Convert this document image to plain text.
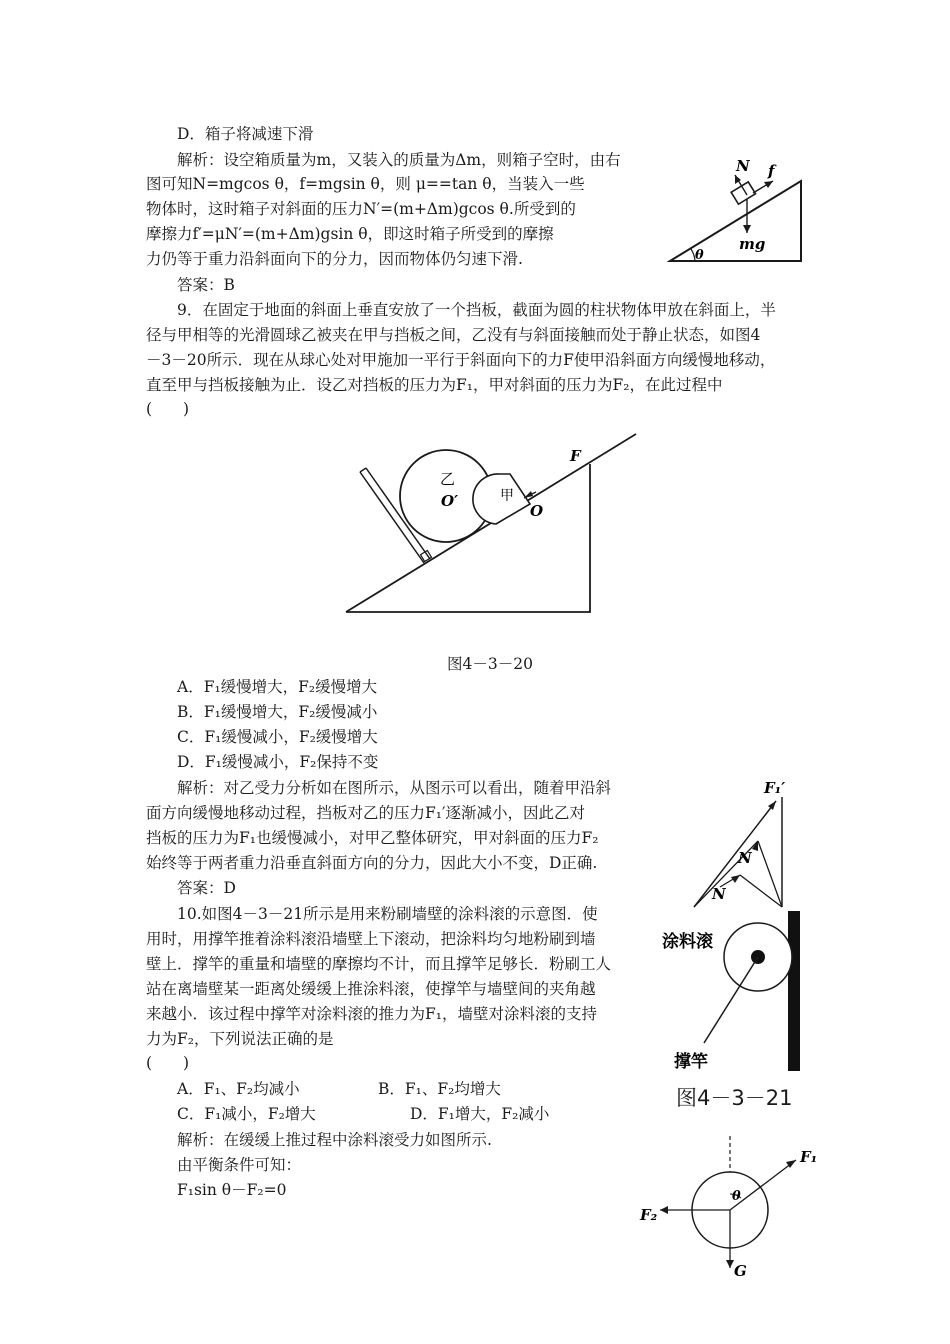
D．箱子将减速下滑
解析：设空箱质量为m，又装入的质量为Δm，则箱子空时，由右
图可知N=mgcos θ，f=mgsin θ，则 μ==tan θ，当装入一些
物体时，这时箱子对斜面的压力N′=(m+Δm)gcos θ.所受到的
摩擦力f′=μN′=(m+Δm)gsin θ，即这时箱子所受到的摩擦
力仍等于重力沿斜面向下的分力，因而物体仍匀速下滑.
答案：B
N f
mg
θ
9．在固定于地面的斜面上垂直安放了一个挡板，截面为圆的柱状物体甲放在斜面上，半
径与甲相等的光滑圆球乙被夹在甲与挡板之间，乙没有与斜面接触而处于静止状态，如图4
－3－20所示．现在从球心处对甲施加一平行于斜面向下的力F使甲沿斜面方向缓慢地移动，
直至甲与挡板接触为止．设乙对挡板的压力为F₁，甲对斜面的压力为F₂，在此过程中
(　　)
乙
O′	甲
O
F
图4－3－20
A．F₁缓慢增大，F₂缓慢增大
B．F₁缓慢增大，F₂缓慢减小
C．F₁缓慢减小，F₂缓慢增大
D．F₁缓慢减小，F₂保持不变
解析：对乙受力分析如在图所示，从图示可以看出，随着甲沿斜
面方向缓慢地移动过程，挡板对乙的压力F₁′逐渐减小，因此乙对
挡板的压力为F₁也缓慢减小，对甲乙整体研究，甲对斜面的压力F₂
始终等于两者重力沿垂直斜面方向的分力，因此大小不变，D正确.
答案：D
F₁′
N
N
10.如图4－3－21所示是用来粉刷墙壁的涂料滚的示意图．使
用时，用撑竿推着涂料滚沿墙壁上下滚动，把涂料均匀地粉刷到墙
壁上．撑竿的重量和墙壁的摩擦均不计，而且撑竿足够长．粉刷工人
站在离墙壁某一距离处缓缓上推涂料滚，使撑竿与墙壁间的夹角越
来越小．该过程中撑竿对涂料滚的推力为F₁，墙壁对涂料滚的支持
力为F₂，下列说法正确的是
(　　)
A．F₁、F₂均减小	B．F₁、F₂均增大
C．F₁减小，F₂增大	D．F₁增大，F₂减小
解析：在缓缓上推过程中涂料滚受力如图所示.
由平衡条件可知：
F₁sin θ－F₂=0
涂料滚
撑竿
图4－3－21
F₁
F₂
G
θ
